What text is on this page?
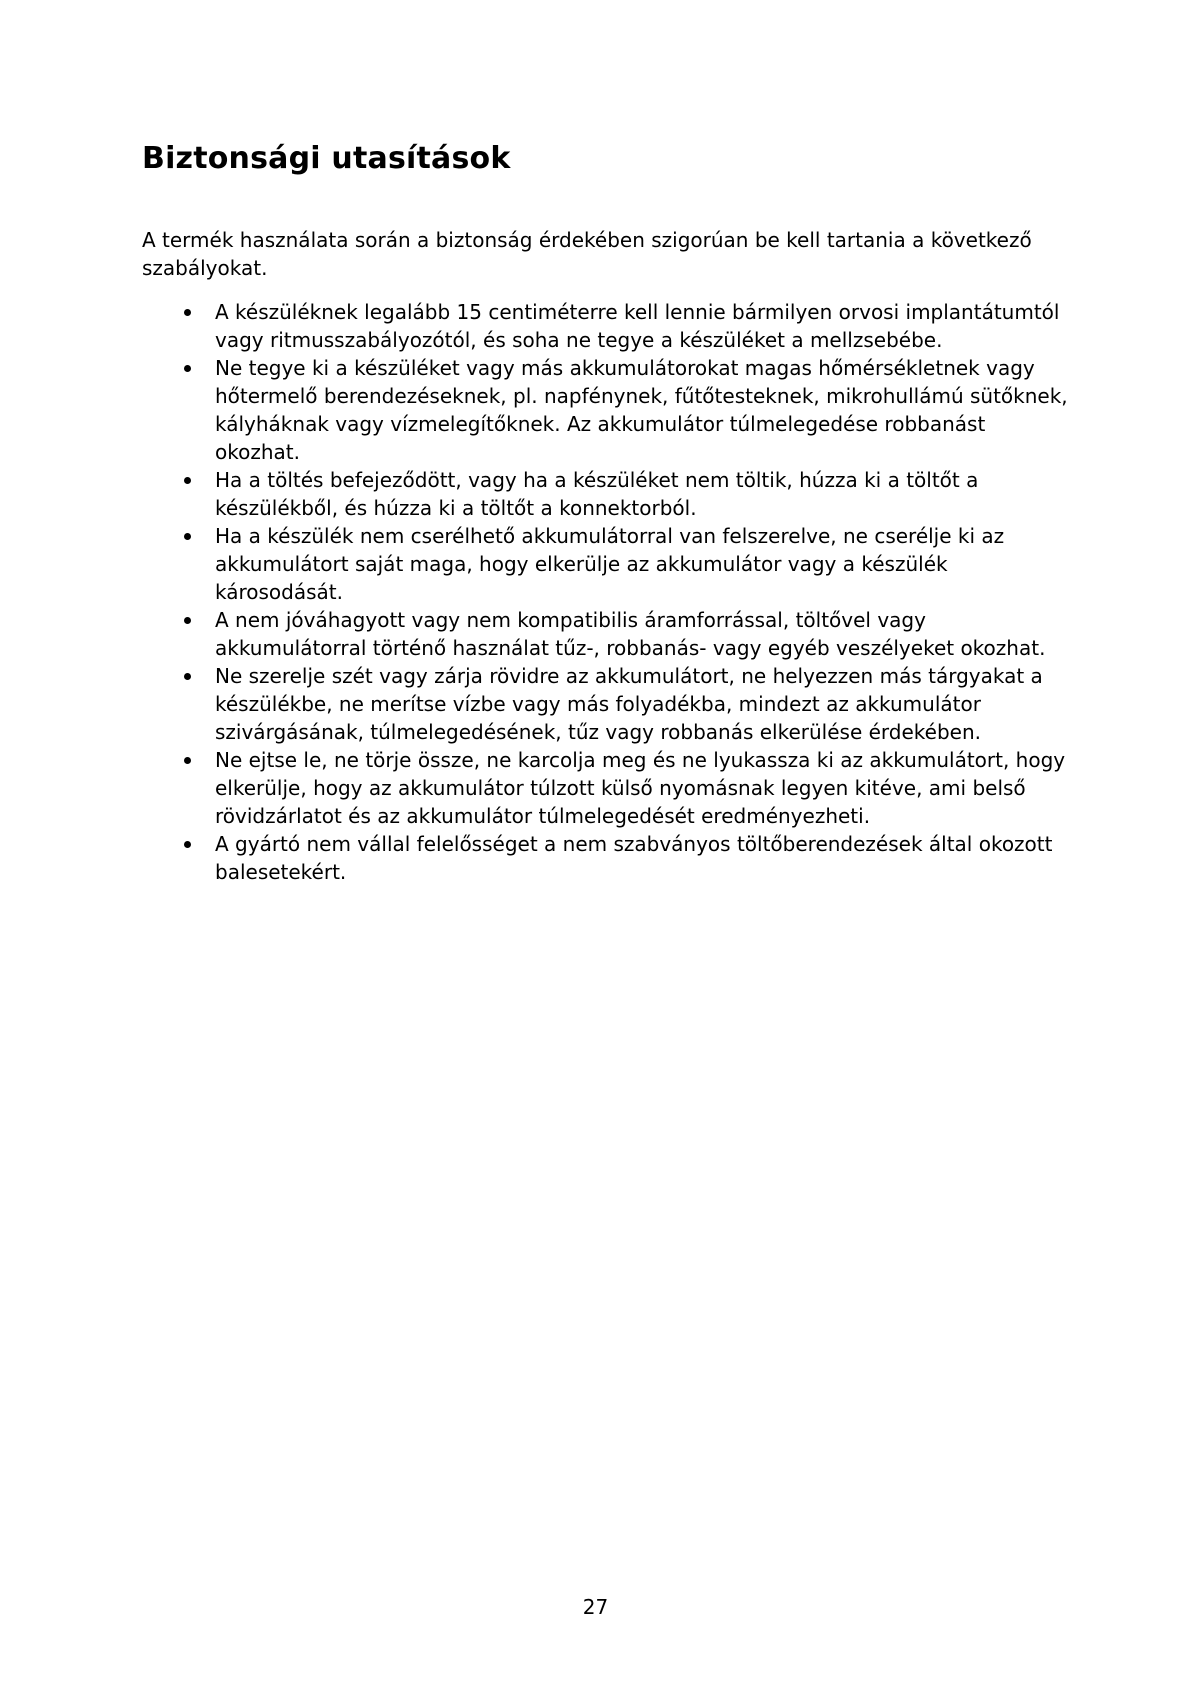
Biztonsági utasítások

A termék használata során a biztonság érdekében szigorúan be kell tartania a következő szabályokat.

A készüléknek legalább 15 centiméterre kell lennie bármilyen orvosi implantátumtól vagy ritmusszabályozótól, és soha ne tegye a készüléket a mellzsebébe.
Ne tegye ki a készüléket vagy más akkumulátorokat magas hőmérsékletnek vagy hőtermelő berendezéseknek, pl. napfénynek, fűtőtesteknek, mikrohullámú sütőknek, kályháknak vagy vízmelegítőknek. Az akkumulátor túlmelegedése robbanást okozhat.
Ha a töltés befejeződött, vagy ha a készüléket nem töltik, húzza ki a töltőt a készülékből, és húzza ki a töltőt a konnektorból.
Ha a készülék nem cserélhető akkumulátorral van felszerelve, ne cserélje ki az akkumulátort saját maga, hogy elkerülje az akkumulátor vagy a készülék károsodását.
A nem jóváhagyott vagy nem kompatibilis áramforrással, töltővel vagy akkumulátorral történő használat tűz-, robbanás- vagy egyéb veszélyeket okozhat.
Ne szerelje szét vagy zárja rövidre az akkumulátort, ne helyezzen más tárgyakat a készülékbe, ne merítse vízbe vagy más folyadékba, mindezt az akkumulátor szivárgásának, túlmelegedésének, tűz vagy robbanás elkerülése érdekében.
Ne ejtse le, ne törje össze, ne karcolja meg és ne lyukassza ki az akkumulátort, hogy elkerülje, hogy az akkumulátor túlzott külső nyomásnak legyen kitéve, ami belső rövidzárlatot és az akkumulátor túlmelegedését eredményezheti.
A gyártó nem vállal felelősséget a nem szabványos töltőberendezések által okozott balesetekért.

27
